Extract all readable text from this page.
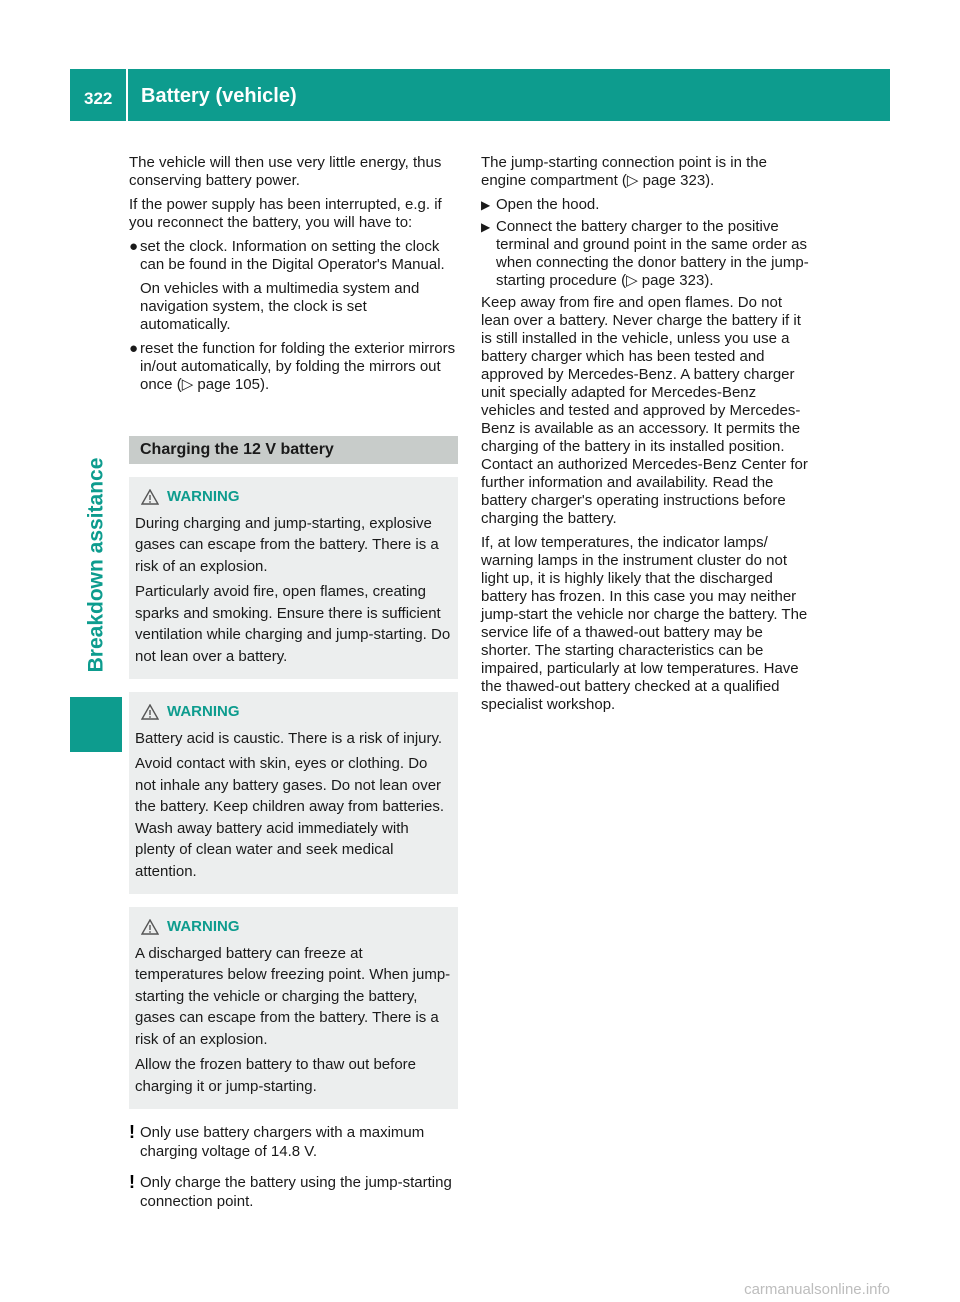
322 Battery (vehicle)
Breakdown assitance

The vehicle will then use very little energy, thus conserving battery power.

If the power supply has been interrupted, e.g. if you reconnect the battery, you will have to:

● set the clock. Information on setting the clock can be found in the Digital Operator's Manual.

On vehicles with a multimedia system and navigation system, the clock is set automatically.

● reset the function for folding the exterior mirrors in/out automatically, by folding the mirrors out once (▷ page 105).

Charging the 12 V battery
WARNING

During charging and jump-starting, explosive gases can escape from the battery. There is a risk of an explosion.

Particularly avoid fire, open flames, creating sparks and smoking. Ensure there is sufficient ventilation while charging and jump-starting. Do not lean over a battery.

WARNING

Battery acid is caustic. There is a risk of injury.

Avoid contact with skin, eyes or clothing. Do not inhale any battery gases. Do not lean over the battery. Keep children away from batteries. Wash away battery acid immediately with plenty of clean water and seek medical attention.

WARNING

A discharged battery can freeze at temperatures below freezing point. When jump-starting the vehicle or charging the battery, gases can escape from the battery. There is a risk of an explosion.

Allow the frozen battery to thaw out before charging it or jump-starting.

! Only use battery chargers with a maximum charging voltage of 14.8 V.

! Only charge the battery using the jump-starting connection point.

The jump-starting connection point is in the engine compartment (▷ page 323).

▶ Open the hood.

▶ Connect the battery charger to the positive terminal and ground point in the same order as when connecting the donor battery in the jump-starting procedure (▷ page 323).

Keep away from fire and open flames. Do not lean over a battery. Never charge the battery if it is still installed in the vehicle, unless you use a battery charger which has been tested and approved by Mercedes-Benz. A battery charger unit specially adapted for Mercedes-Benz vehicles and tested and approved by Mercedes-Benz is available as an accessory. It permits the charging of the battery in its installed position. Contact an authorized Mercedes-Benz Center for further information and availability. Read the battery charger's operating instructions before charging the battery.

If, at low temperatures, the indicator lamps/ warning lamps in the instrument cluster do not light up, it is highly likely that the discharged battery has frozen. In this case you may neither jump-start the vehicle nor charge the battery. The service life of a thawed-out battery may be shorter. The starting characteristics can be impaired, particularly at low temperatures. Have the thawed-out battery checked at a qualified specialist workshop.

carmanualsonline.info
